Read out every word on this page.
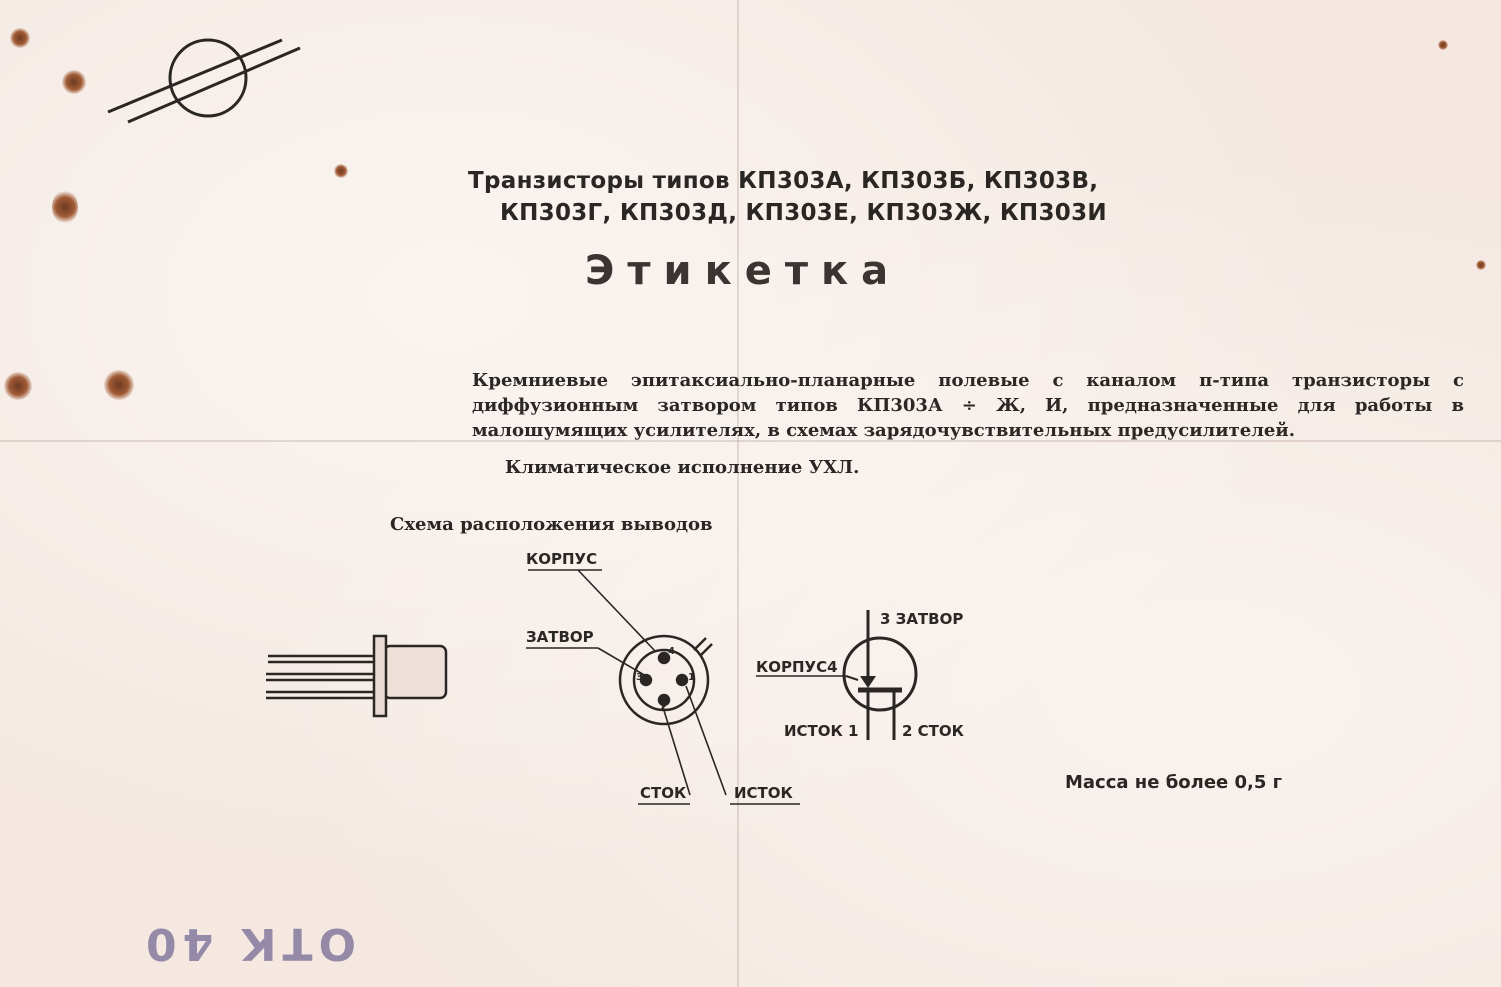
Транзисторы типов КП303А, КП303Б, КП303В,

КП303Г, КП303Д, КП303Е, КП303Ж, КП303И

Этикетка

Кремниевые эпитаксиально-планарные полевые с каналом п-типа транзисторы с диффузионным затвором типов КП303А ÷ Ж, И, предназначенные для работы в малошумящих усилителях, в схемах зарядочувствительных предусилителей.

Климатическое исполнение УХЛ.

Схема расположения выводов

КОРПУС

ЗАТВОР

СТОК	ИСТОК

4

3	1

2

3 ЗАТВОР

КОРПУС4

ИСТОК 1	2 СТОК

Масса не более 0,5 г

ОТК 40
